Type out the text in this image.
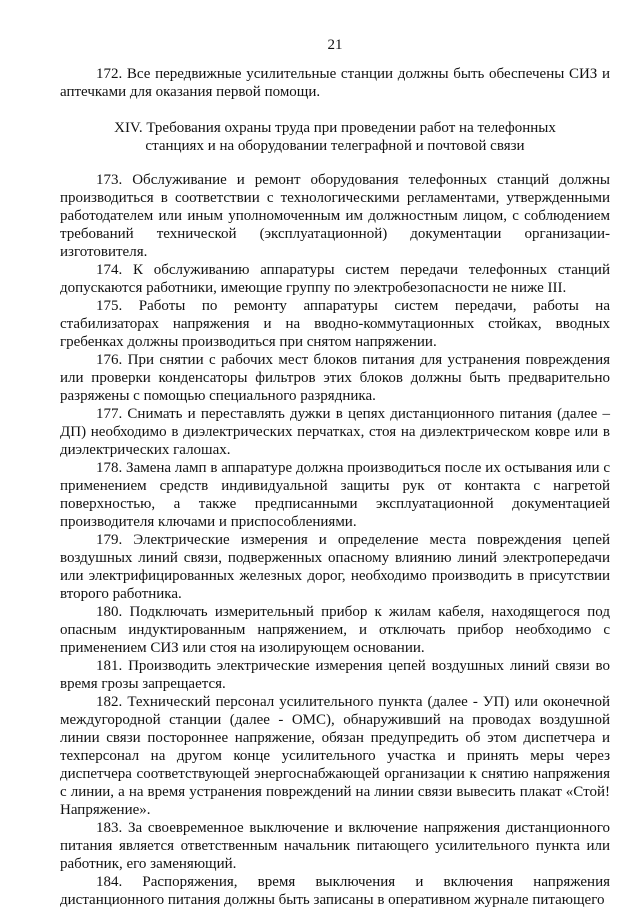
21

172. Все передвижные усилительные станции должны быть обеспечены СИЗ и аптечками для оказания первой помощи.

XIV. Требования охраны труда при проведении работ на телефонных
станциях и на оборудовании телеграфной и почтовой связи

173. Обслуживание и ремонт оборудования телефонных станций должны производиться в соответствии с технологическими регламентами, утвержденными работодателем или иным уполномоченным им должностным лицом, с соблюдением требований технической (эксплуатационной) документации организации-изготовителя.

174. К обслуживанию аппаратуры систем передачи телефонных станций допускаются работники, имеющие группу по электробезопасности не ниже III.

175. Работы по ремонту аппаратуры систем передачи, работы на стабилизаторах напряжения и на вводно-коммутационных стойках, вводных гребенках должны производиться при снятом напряжении.

176. При снятии с рабочих мест блоков питания для устранения повреждения или проверки конденсаторы фильтров этих блоков должны быть предварительно разряжены с помощью специального разрядника.

177. Снимать и переставлять дужки в цепях дистанционного питания (далее – ДП) необходимо в диэлектрических перчатках, стоя на диэлектрическом ковре или в диэлектрических галошах.

178. Замена ламп в аппаратуре должна производиться после их остывания или с применением средств индивидуальной защиты рук от контакта с нагретой поверхностью, а также предписанными эксплуатационной документацией производителя ключами и приспособлениями.

179. Электрические измерения и определение места повреждения цепей воздушных линий связи, подверженных опасному влиянию линий электропередачи или электрифицированных железных дорог, необходимо производить в присутствии второго работника.

180. Подключать измерительный прибор к жилам кабеля, находящегося под опасным индуктированным напряжением, и отключать прибор необходимо с применением СИЗ или стоя на изолирующем основании.

181. Производить электрические измерения цепей воздушных линий связи во время грозы запрещается.

182. Технический персонал усилительного пункта (далее - УП) или оконечной междугородной станции (далее - ОМС), обнаруживший на проводах воздушной линии связи постороннее напряжение, обязан предупредить об этом диспетчера и техперсонал на другом конце усилительного участка и принять меры через диспетчера соответствующей энергоснабжающей организации к снятию напряжения с линии, а на время устранения повреждений на линии связи вывесить плакат «Стой! Напряжение».

183. За своевременное выключение и включение напряжения дистанционного питания является ответственным начальник питающего усилительного пункта или работник, его заменяющий.

184. Распоряжения, время выключения и включения напряжения дистанционного питания должны быть записаны в оперативном журнале питающего
